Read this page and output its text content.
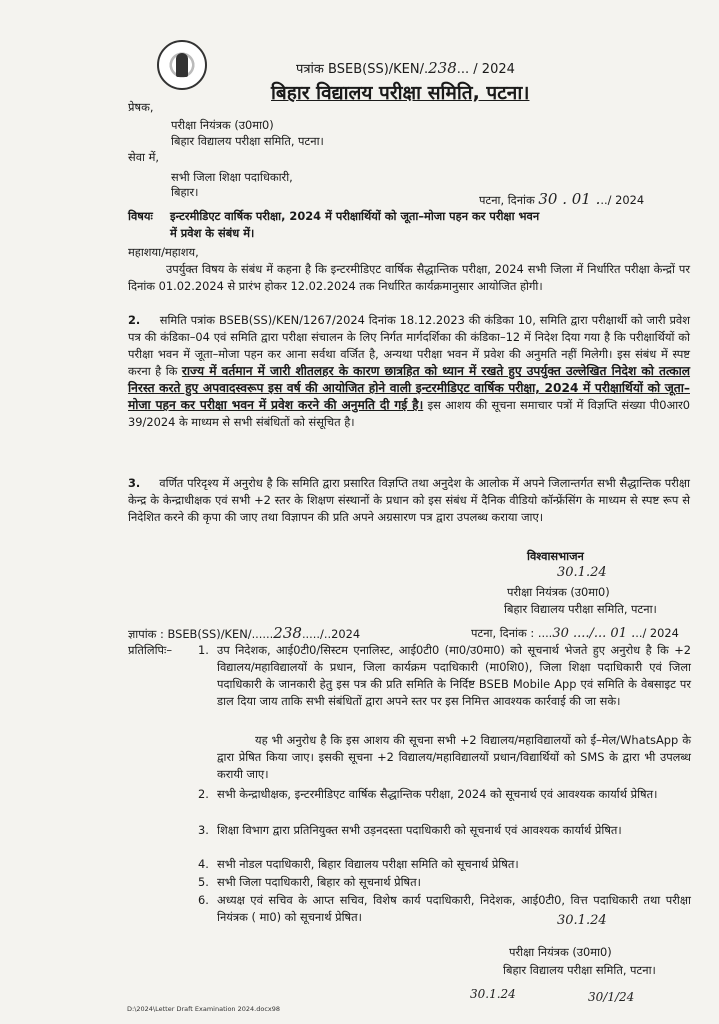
पत्रांक BSEB(SS)/KEN/.238... / 2024
बिहार विद्यालय परीक्षा समिति, पटना।
प्रेषक,
परीक्षा नियंत्रक (उ0मा0)
बिहार विद्यालय परीक्षा समिति, पटना।
सेवा में,
सभी जिला शिक्षा पदाधिकारी,
बिहार।
पटना, दिनांक 30 . 01 .../ 2024
विषयः इन्टरमीडिएट वार्षिक परीक्षा, 2024 में परीक्षार्थियों को जूता–मोजा पहन कर परीक्षा भवन
में प्रवेश के संबंध में।
महाशया/महाशय,
उपर्युक्त विषय के संबंध में कहना है कि इन्टरमीडिएट वार्षिक सैद्धान्तिक परीक्षा, 2024 सभी जिला में निर्धारित परीक्षा केन्द्रों पर दिनांक 01.02.2024 से प्रारंभ होकर 12.02.2024 तक निर्धारित कार्यक्रमानुसार आयोजित होगी।
2. समिति पत्रांक BSEB(SS)/KEN/1267/2024 दिनांक 18.12.2023 की कंडिका 10, समिति द्वारा परीक्षार्थी को जारी प्रवेश पत्र की कंडिका–04 एवं समिति द्वारा परीक्षा संचालन के लिए निर्गत मार्गदर्शिका की कंडिका–12 में निदेश दिया गया है कि परीक्षार्थियों को परीक्षा भवन में जूता–मोजा पहन कर आना सर्वथा वर्जित है, अन्यथा परीक्षा भवन में प्रवेश की अनुमति नहीं मिलेगी। इस संबंध में स्पष्ट करना है कि राज्य में वर्तमान में जारी शीतलहर के कारण छात्रहित को ध्यान में रखते हुए उपर्युक्त उल्लेखित निदेश को तत्काल निरस्त करते हुए अपवादस्वरूप इस वर्ष की आयोजित होने वाली इन्टरमीडिएट वार्षिक परीक्षा, 2024 में परीक्षार्थियों को जूता–मोजा पहन कर परीक्षा भवन में प्रवेश करने की अनुमति दी गई है। इस आशय की सूचना समाचार पत्रों में विज्ञप्ति संख्या पी0आर0 39/2024 के माध्यम से सभी संबंधितों को संसूचित है।
3. वर्णित परिदृश्य में अनुरोध है कि समिति द्वारा प्रसारित विज्ञप्ति तथा अनुदेश के आलोक में अपने जिलान्तर्गत सभी सैद्धान्तिक परीक्षा केन्द्र के केन्द्राधीक्षक एवं सभी +2 स्तर के शिक्षण संस्थानों के प्रधान को इस संबंध में दैनिक वीडियो कॉन्फ्रेंसिंग के माध्यम से स्पष्ट रूप से निदेशित करने की कृपा की जाए तथा विज्ञापन की प्रति अपने अग्रसारण पत्र द्वारा उपलब्ध कराया जाए।
विश्वासभाजन
30.1.24
परीक्षा नियंत्रक (उ0मा0)
बिहार विद्यालय परीक्षा समिति, पटना।
ज्ञापांक : BSEB(SS)/KEN/......238...../..2024	पटना, दिनांक : ....30 ..../... 01 .../ 2024
प्रतिलिपिः– 1. उप निदेशक, आई0टी0/सिस्टम एनालिस्ट, आई0टी0 (मा0/उ0मा0) को सूचनार्थ भेजते हुए अनुरोध है कि +2 विद्यालय/महाविद्यालयों के प्रधान, जिला कार्यक्रम पदाधिकारी (मा0शि0), जिला शिक्षा पदाधिकारी एवं जिला पदाधिकारी के जानकारी हेतु इस पत्र की प्रति समिति के निर्दिष्ट BSEB Mobile App एवं समिति के वेबसाइट पर डाल दिया जाय ताकि सभी संबंधितों द्वारा अपने स्तर पर इस निमित्त आवश्यक कार्रवाई की जा सके।
यह भी अनुरोध है कि इस आशय की सूचना सभी +2 विद्यालय/महाविद्यालयों को ई–मेल/WhatsApp के द्वारा प्रेषित किया जाए। इसकी सूचना +2 विद्यालय/महाविद्यालयों प्रधान/विद्यार्थियों को SMS के द्वारा भी उपलब्ध करायी जाए।
2. सभी केन्द्राधीक्षक, इन्टरमीडिएट वार्षिक सैद्धान्तिक परीक्षा, 2024 को सूचनार्थ एवं आवश्यक कार्यार्थ प्रेषित।
3. शिक्षा विभाग द्वारा प्रतिनियुक्त सभी उड़नदस्ता पदाधिकारी को सूचनार्थ एवं आवश्यक कार्यार्थ प्रेषित।
4. सभी नोडल पदाधिकारी, बिहार विद्यालय परीक्षा समिति को सूचनार्थ प्रेषित।
5. सभी जिला पदाधिकारी, बिहार को सूचनार्थ प्रेषित।
6. अध्यक्ष एवं सचिव के आप्त सचिव, विशेष कार्य पदाधिकारी, निदेशक, आई0टी0, वित्त पदाधिकारी तथा परीक्षा नियंत्रक ( मा0) को सूचनार्थ प्रेषित।	30.1.24
परीक्षा नियंत्रक (उ0मा0)
बिहार विद्यालय परीक्षा समिति, पटना।
30.1.24	30/1/24
D:\2024\Letter Draft Examination 2024.docx98
